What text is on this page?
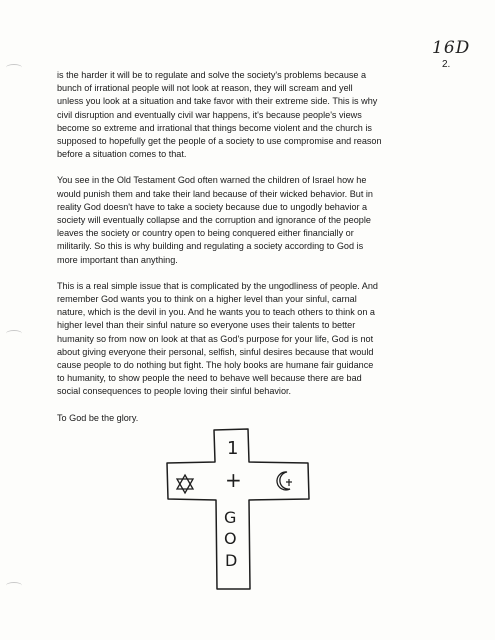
16D
2.

is the harder it will be to regulate and solve the society's problems because a
bunch of irrational people will not look at reason, they will scream and yell
unless you look at a situation and take favor with their extreme side. This is why
civil disruption and eventually civil war happens, it's because people's views
become so extreme and irrational that things become violent and the church is
supposed to hopefully get the people of a society to use compromise and reason
before a situation comes to that.

You see in the Old Testament God often warned the children of Israel how he
would punish them and take their land because of their wicked behavior. But in
reality God doesn't have to take a society because due to ungodly behavior a
society will eventually collapse and the corruption and ignorance of the people
leaves the society or country open to being conquered either financially or
militarily. So this is why building and regulating a society according to God is
more important than anything.

This is a real simple issue that is complicated by the ungodliness of people. And
remember God wants you to think on a higher level than your sinful, carnal
nature, which is the devil in you. And he wants you to teach others to think on a
higher level than their sinful nature so everyone uses their talents to better
humanity so from now on look at that as God's purpose for your life, God is not
about giving everyone their personal, selfish, sinful desires because that would
cause people to do nothing but fight. The holy books are humane fair guidance
to humanity, to show people the need to behave well because there are bad
social consequences to people loving their sinful behavior.

To God be the glory.

1
+
G
O
D
